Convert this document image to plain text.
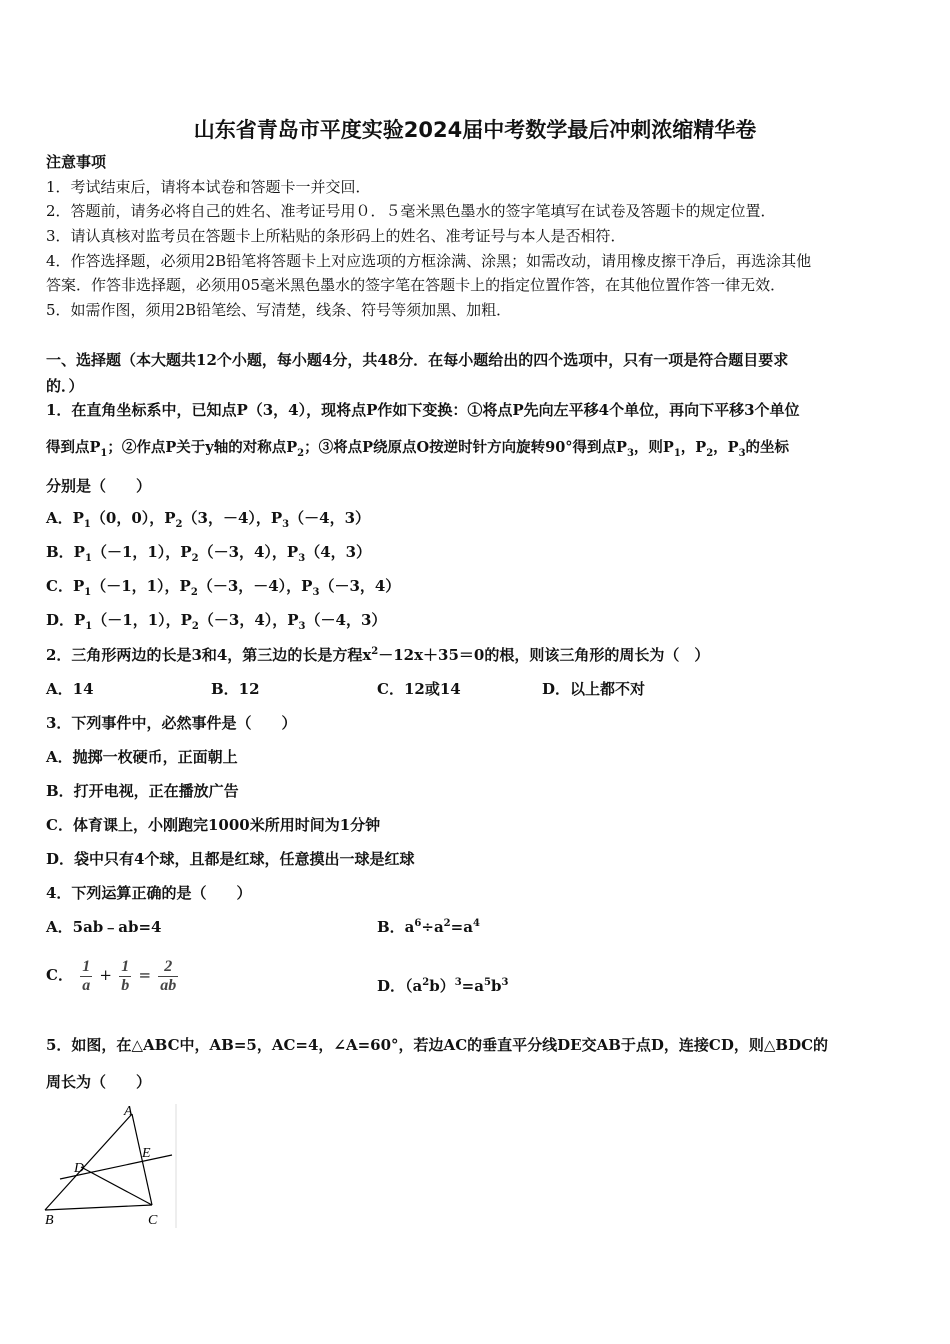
山东省青岛市平度实验2024届中考数学最后冲刺浓缩精华卷
注意事项
1．考试结束后，请将本试卷和答题卡一并交回．
2．答题前，请务必将自己的姓名、准考证号用０．５毫米黑色墨水的签字笔填写在试卷及答题卡的规定位置．
3．请认真核对监考员在答题卡上所粘贴的条形码上的姓名、准考证号与本人是否相符．
4．作答选择题，必须用2B铅笔将答题卡上对应选项的方框涂满、涂黑；如需改动，请用橡皮擦干净后，再选涂其他
答案．作答非选择题，必须用05毫米黑色墨水的签字笔在答题卡上的指定位置作答，在其他位置作答一律无效．
5．如需作图，须用2B铅笔绘、写清楚，线条、符号等须加黑、加粗．
一、选择题（本大题共12个小题，每小题4分，共48分．在每小题给出的四个选项中，只有一项是符合题目要求
的．）
1．在直角坐标系中，已知点P（3，4），现将点P作如下变换：①将点P先向左平移4个单位，再向下平移3个单位
得到点$P_1$；②作点P关于y轴的对称点$P_2$；③将点P绕原点O按逆时针方向旋转90°得到点$P_3$，则$P_1$，$P_2$，$P_3$的坐标
分别是（　　）
A．$P_1(0$，0），$P_2(3$，－4），$P_3(-4$，3）
B．$P_1(-1$，1），$P_2(-3$，4），$P_3(4$，3）
C．$P_1(-1$，1），$P_2(-3$，－4），$P_3(-3$，4）
D．$P_1(-1$，1），$P_2(-3$，4），$P_3(-4$，3）
2．三角形两边的长是3和4，第三边的长是方程$x^2-12x+35=0$的根，则该三角形的周长为（　）
A．14	B．12	C．12或14	D．以上都不对
3．下列事件中，必然事件是（　　）
A．抛掷一枚硬币，正面朝上
B．打开电视，正在播放广告
C．体育课上，小刚跑完1000米所用时间为1分钟
D．袋中只有4个球，且都是红球，任意摸出一球是红球
4．下列运算正确的是（　　）
A．5ab﹣ab=4	B．$a^6\div a^2=a^4$
C． $\frac{1}{a} + \frac{1}{b} = \frac{2}{ab}$	D．$(a^2b)^3=a^5b^3$
5．如图，在△ABC中，AB=5，AC=4，∠A=60°，若边AC的垂直平分线DE交AB于点D，连接CD，则△BDC的
周长为（　　）
A
E
D
B	C
